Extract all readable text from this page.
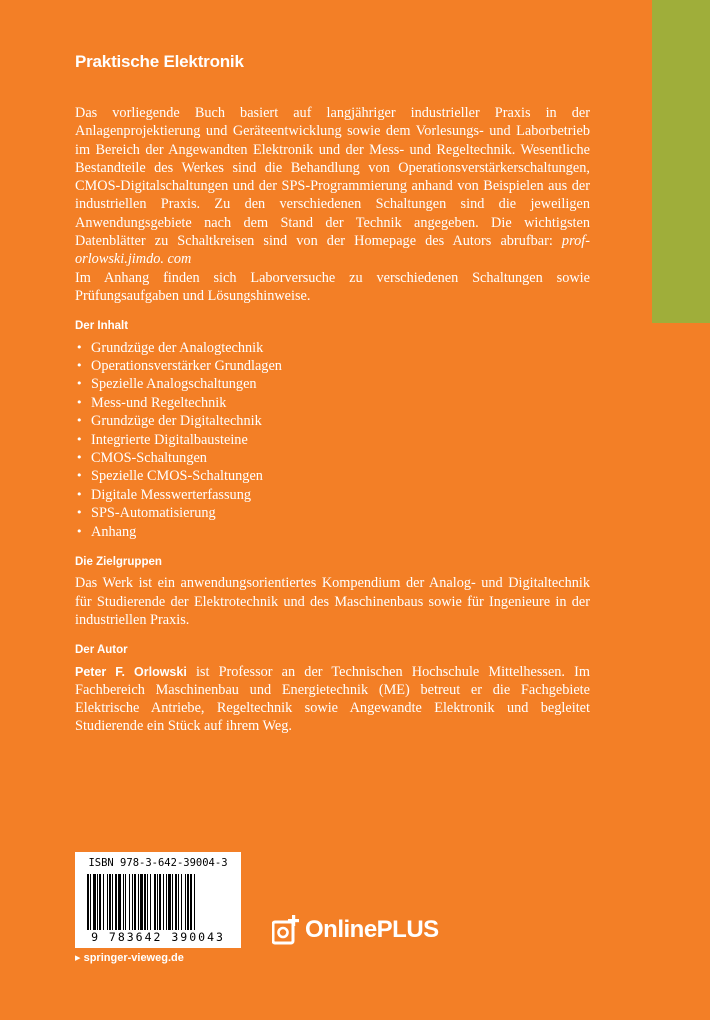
Praktische Elektronik

Das vorliegende Buch basiert auf langjähriger industrieller Praxis in der Anlagenprojektierung und Geräteentwicklung sowie dem Vorlesungs- und Laborbetrieb im Bereich der Angewandten Elektronik und der Mess- und Regeltechnik. Wesentliche Bestandteile des Werkes sind die Behandlung von Operationsverstärkerschaltungen, CMOS-Digitalschaltungen und der SPS-Programmierung anhand von Beispielen aus der industriellen Praxis. Zu den verschiedenen Schaltungen sind die jeweiligen Anwendungsgebiete nach dem Stand der Technik angegeben. Die wichtigsten Datenblätter zu Schaltkreisen sind von der Homepage des Autors abrufbar: prof-orlowski.jimdo. com

Im Anhang finden sich Laborversuche zu verschiedenen Schaltungen sowie Prüfungsaufgaben und Lösungshinweise.

Der Inhalt
• Grundzüge der Analogtechnik
• Operationsverstärker Grundlagen
• Spezielle Analogschaltungen
• Mess-und Regeltechnik
• Grundzüge der Digitaltechnik
• Integrierte Digitalbausteine
• CMOS-Schaltungen
• Spezielle CMOS-Schaltungen
• Digitale Messwerterfassung
• SPS-Automatisierung
• Anhang
Die Zielgruppen

Das Werk ist ein anwendungsorientiertes Kompendium der Analog- und Digitaltechnik für Studierende der Elektrotechnik und des Maschinenbaus sowie für Ingenieure in der industriellen Praxis.

Der Autor

Peter F. Orlowski ist Professor an der Technischen Hochschule Mittelhessen. Im Fachbereich Maschinenbau und Energietechnik (ME) betreut er die Fachgebiete Elektrische Antriebe, Regeltechnik sowie Angewandte Elektronik und begleitet Studierende ein Stück auf ihrem Weg.

ISBN 978-3-642-39004-3
9 783642 390043
▸ springer-vieweg.de
OnlinePLUS
